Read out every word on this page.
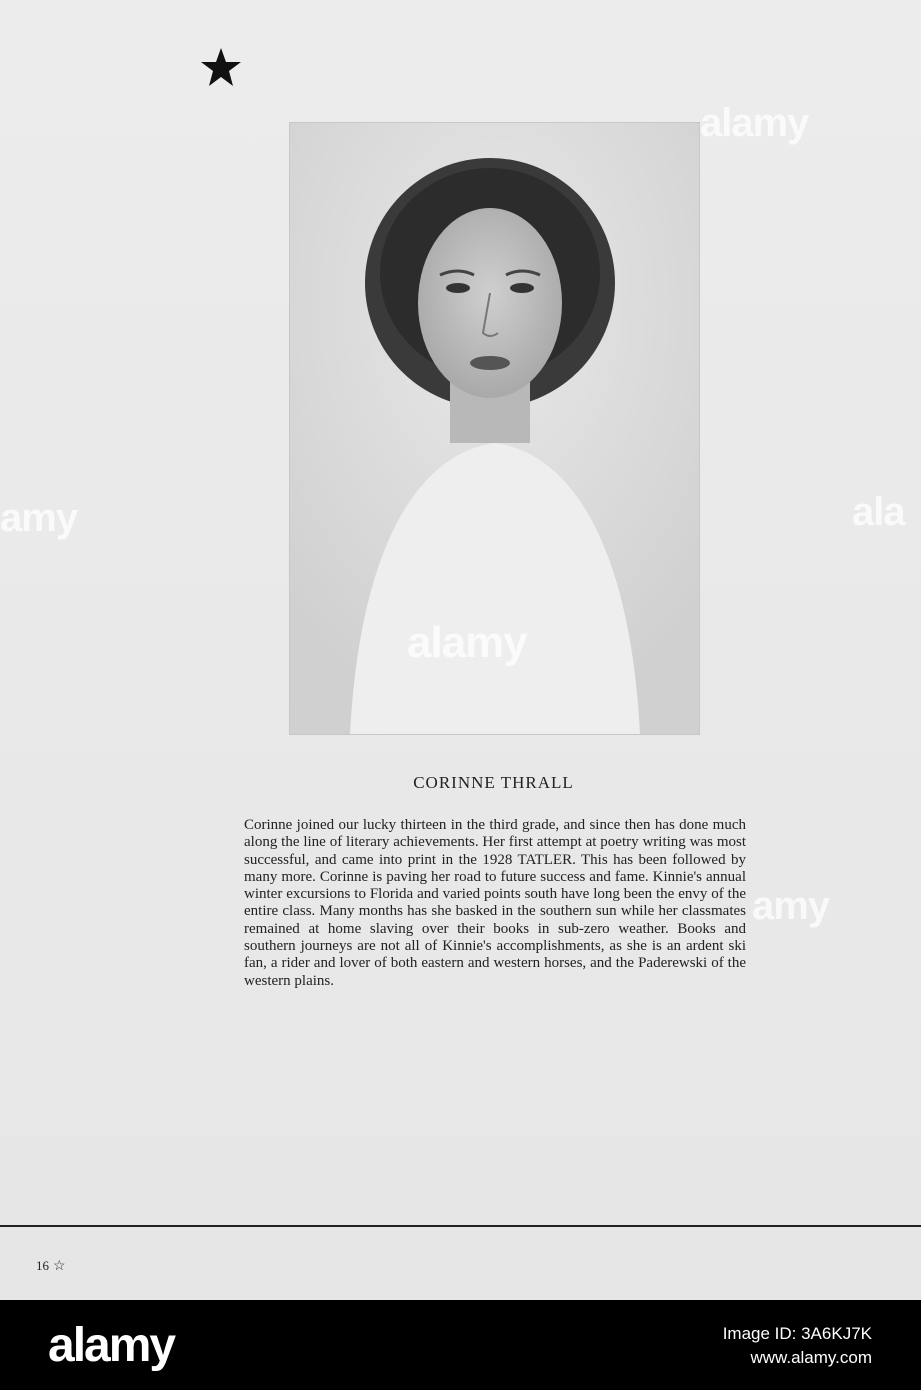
CORINNE THRALL

Corinne joined our lucky thirteen in the third grade, and since then has done much along the line of literary achievements. Her first attempt at poetry writing was most successful, and came into print in the 1928 TATLER. This has been followed by many more. Corinne is paving her road to future success and fame. Kinnie's annual winter excursions to Florida and varied points south have long been the envy of the entire class. Many months has she basked in the southern sun while her classmates remained at home slaving over their books in sub-zero weather. Books and southern journeys are not all of Kinnie's accomplishments, as she is an ardent ski fan, a rider and lover of both eastern and western horses, and the Paderewski of the western plains.

16 ☆
alamy
alamy
amy	ala
amy
alamy	Image ID: 3A6KJ7K
www.alamy.com
